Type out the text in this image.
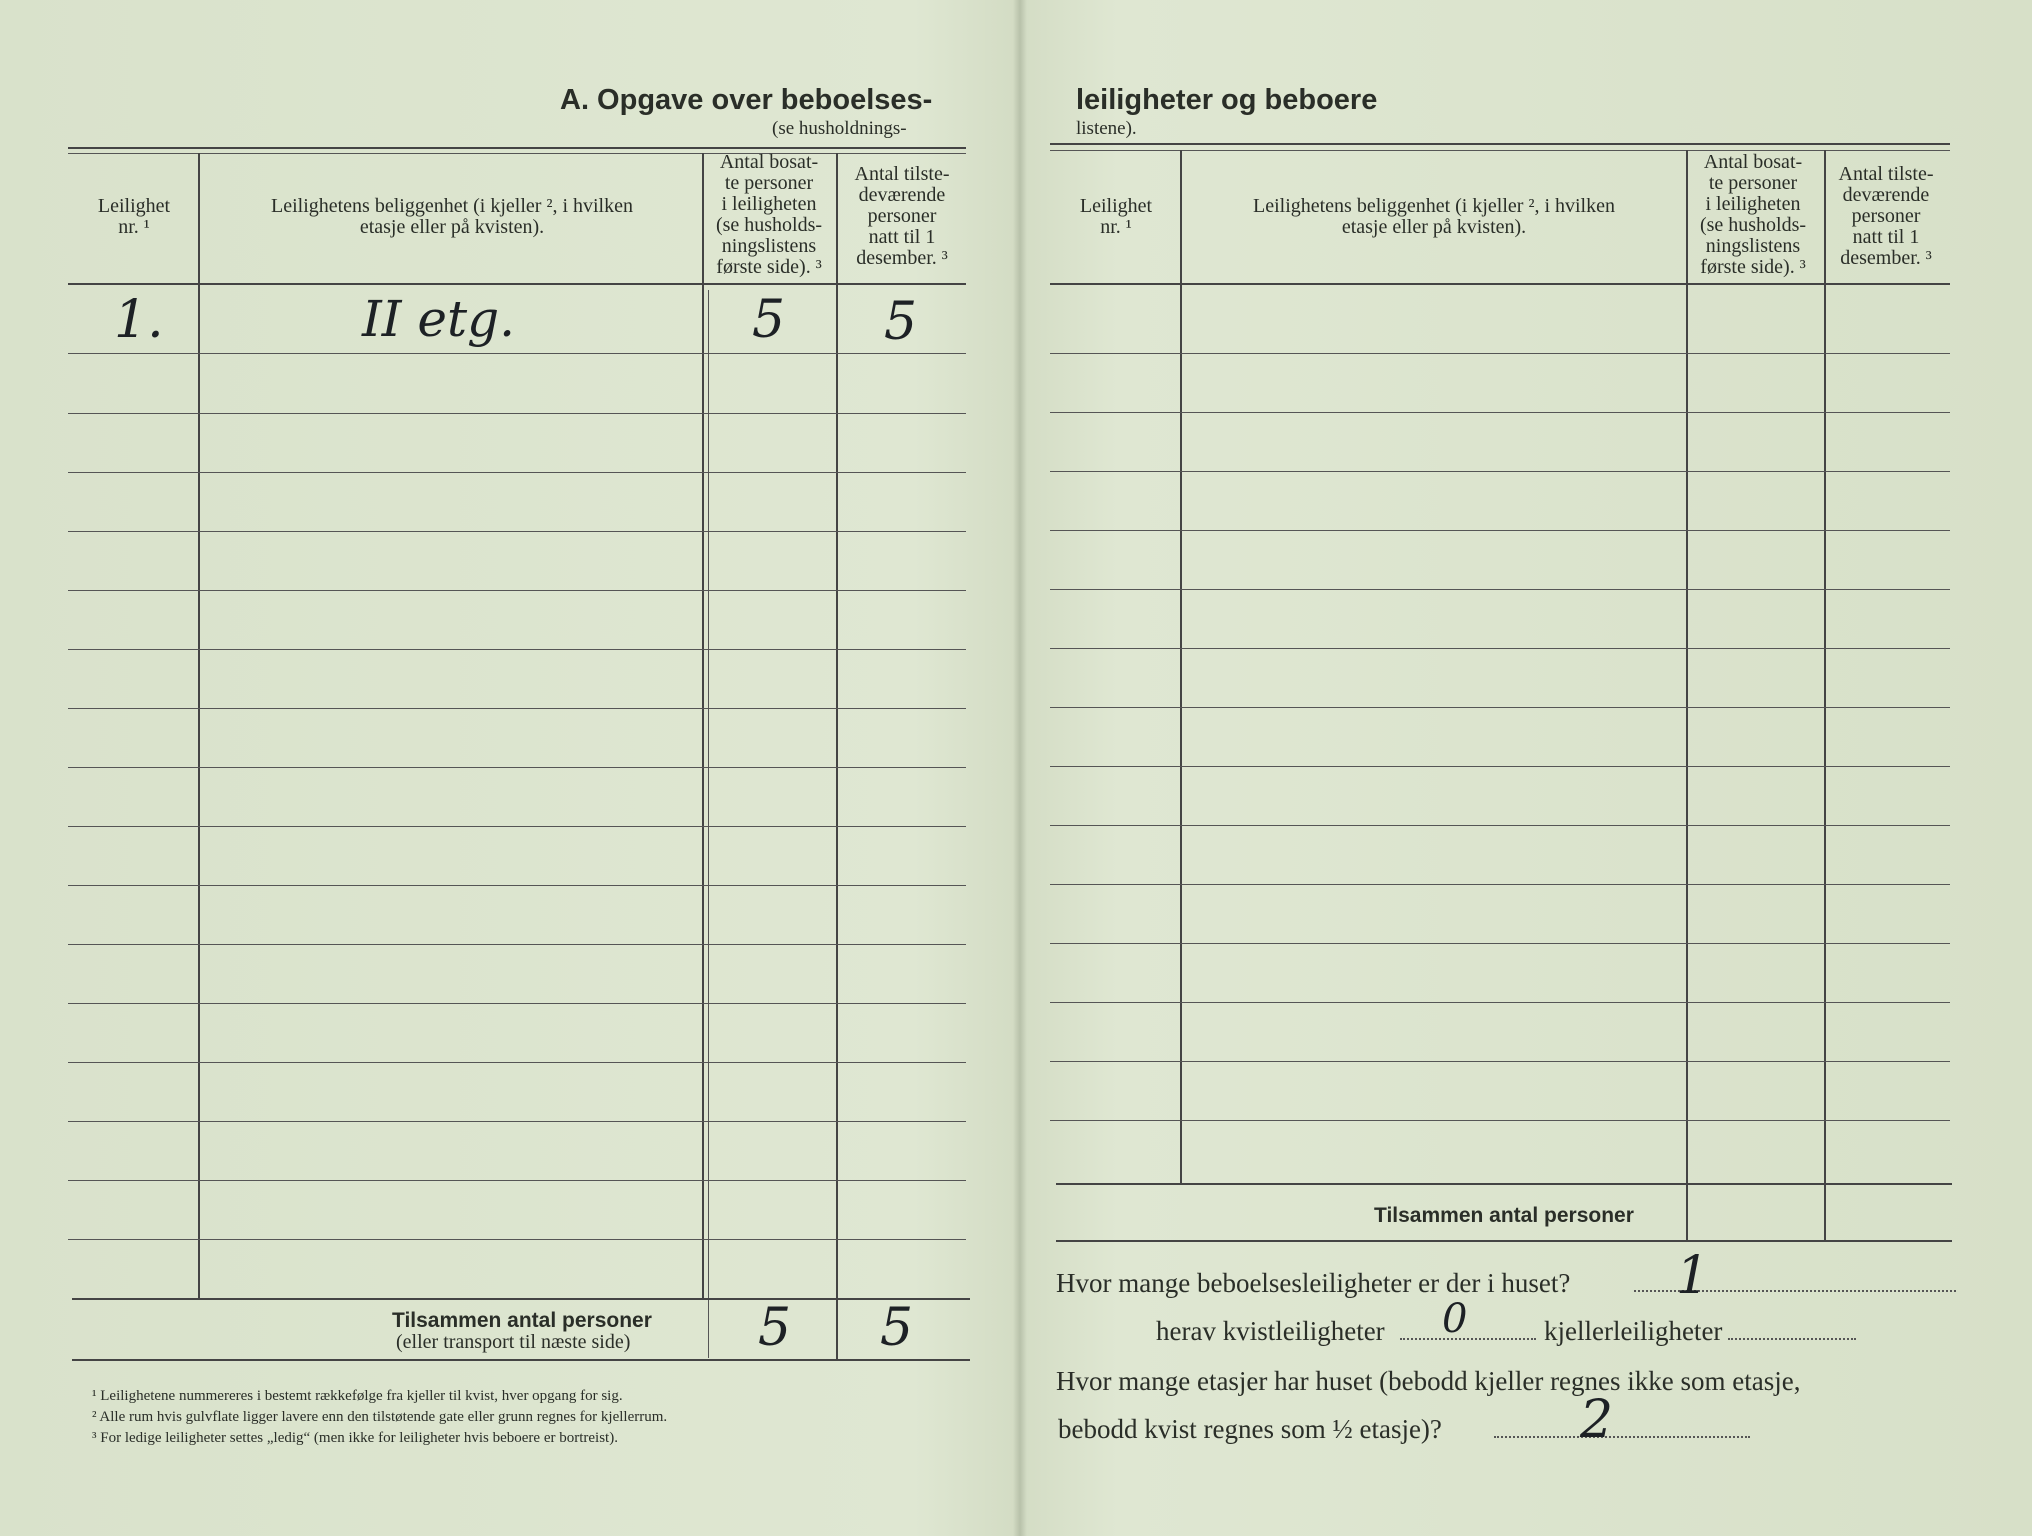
A. Opgave over beboelses-
(se husholdnings-
Leilighet
nr. ¹
Leilighetens beliggenhet (i kjeller ², i hvilken
etasje eller på kvisten).
Antal bosat-
te personer
i leiligheten
(se husholds-
ningslistens
første side). ³
Antal tilste-
deværende
personer
natt til 1
desember. ³
1.	II etg.	5 5
Tilsammen antal personer
(eller transport til næste side) 5 5
¹ Leilighetene nummereres i bestemt rækkefølge fra kjeller til kvist, hver opgang for sig.
² Alle rum hvis gulvflate ligger lavere enn den tilstøtende gate eller grunn regnes for kjellerrum.
³ For ledige leiligheter settes „ledig“ (men ikke for leiligheter hvis beboere er bortreist).
leiligheter og beboere
listene).
Leilighet
nr. ¹
Leilighetens beliggenhet (i kjeller ², i hvilken
etasje eller på kvisten).
Antal bosat-
te personer
i leiligheten
(se husholds-
ningslistens
første side). ³
Antal tilste-
deværende
personer
natt til 1
desember. ³
Tilsammen antal personer
Hvor mange beboelsesleiligheter er der i huset? 1
herav kvistleiligheter 0	kjellerleiligheter
Hvor mange etasjer har huset (bebodd kjeller regnes ikke som etasje,
bebodd kvist regnes som ½ etasje)?	2
